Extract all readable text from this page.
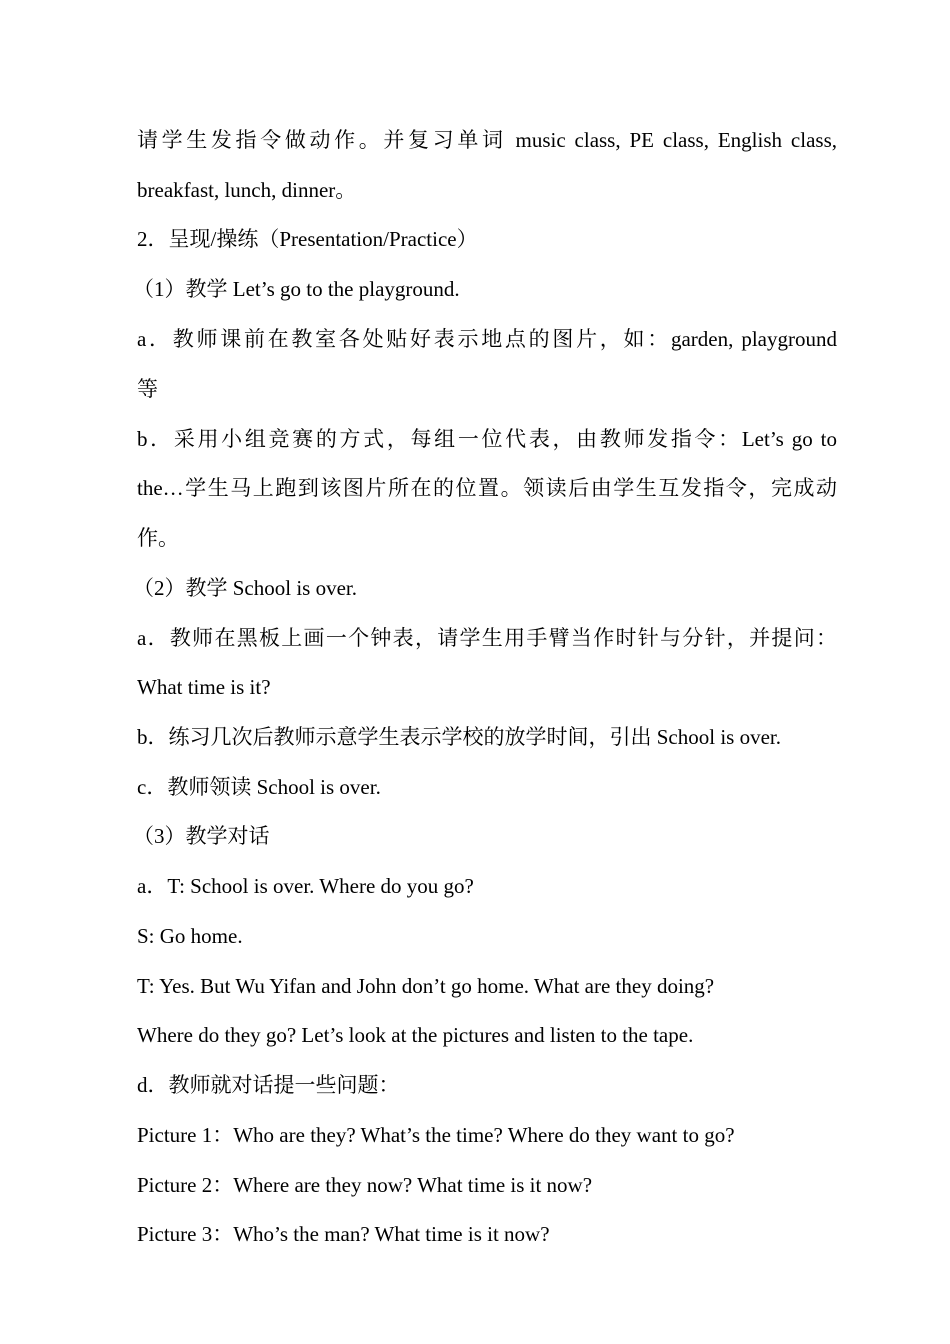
请学生发指令做动作。并复习单词 music class, PE class, English class,
breakfast, lunch, dinner。
2．呈现/操练（Presentation/Practice）
（1）教学 Let’s go to the playground.
a．教师课前在教室各处贴好表示地点的图片，如：garden, playground
等
b．采用小组竞赛的方式，每组一位代表，由教师发指令：Let’s go to
the…学生马上跑到该图片所在的位置。领读后由学生互发指令，完成动
作。
（2）教学 School is over.
a．教师在黑板上画一个钟表，请学生用手臂当作时针与分针，并提问：
What time is it?
b．练习几次后教师示意学生表示学校的放学时间，引出 School is over.
c．教师领读 School is over.
（3）教学对话
a．T: School is over. Where do you go?
S: Go home.
T: Yes. But Wu Yifan and John don’t go home. What are they doing?
Where do they go? Let’s look at the pictures and listen to the tape.
d．教师就对话提一些问题：
Picture 1：Who are they? What’s the time? Where do they want to go?
Picture 2：Where are they now? What time is it now?
Picture 3：Who’s the man? What time is it now?
